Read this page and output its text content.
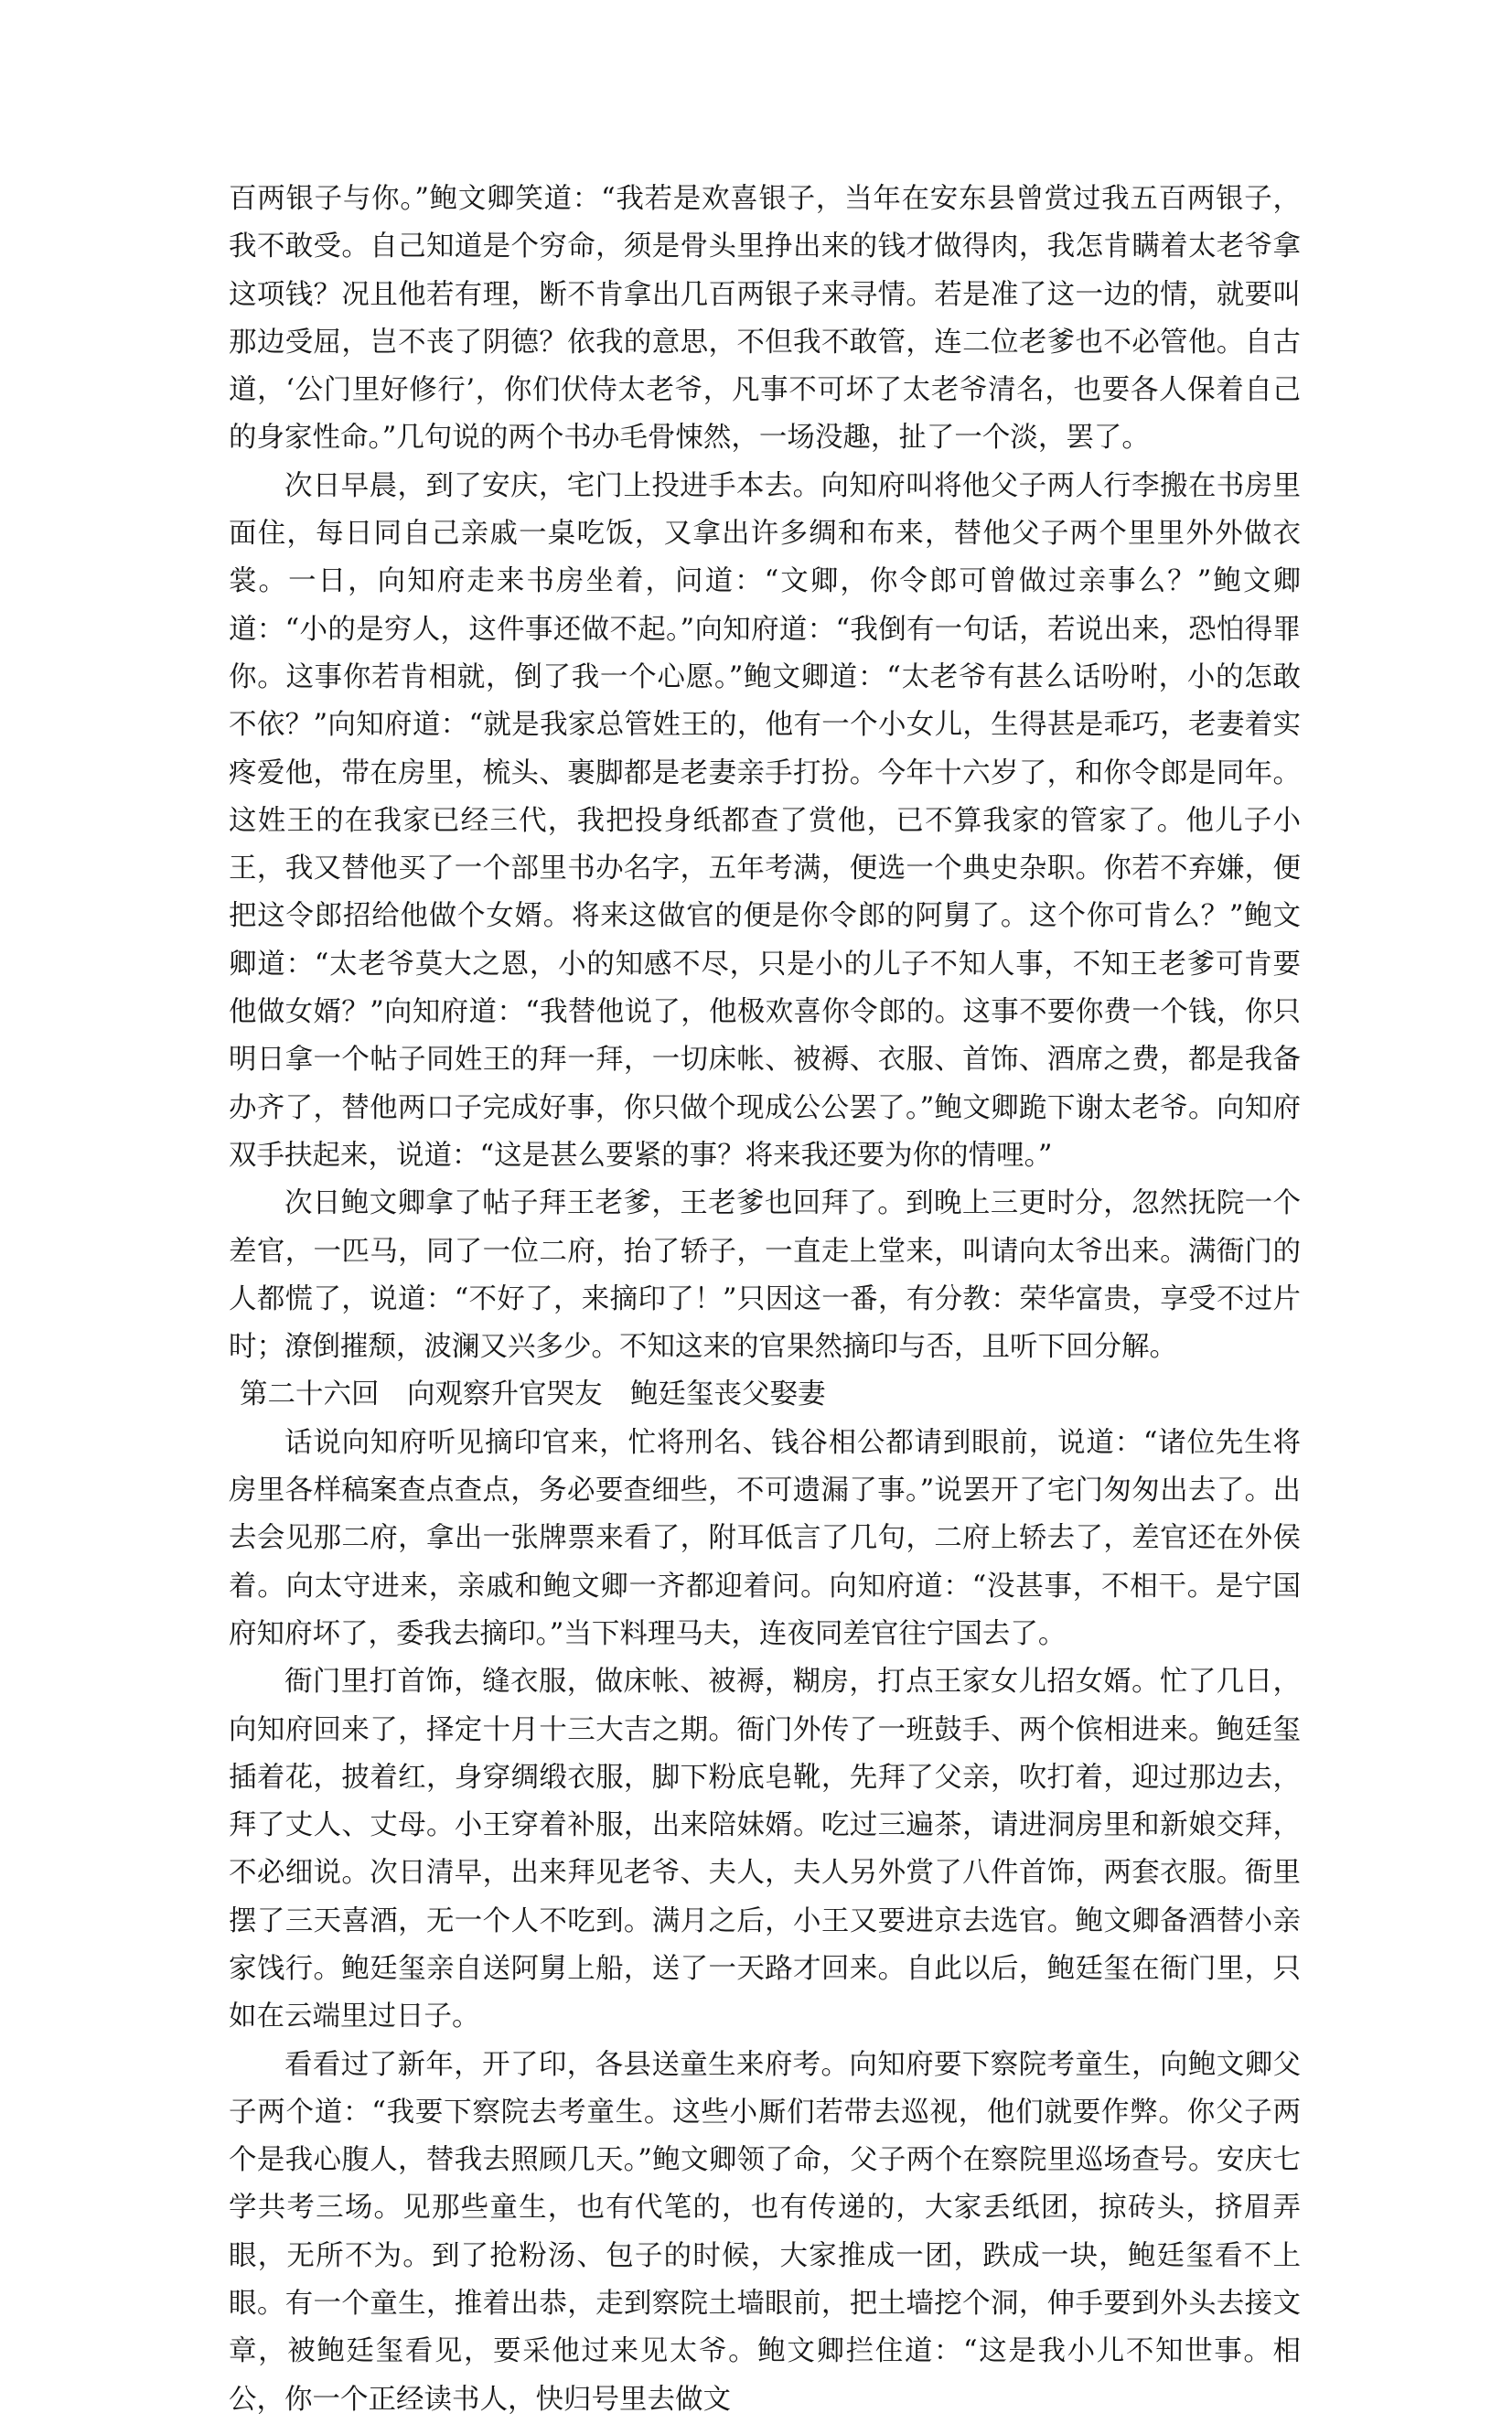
百两银子与你。”鲍文卿笑道：“我若是欢喜银子，当年在安东县曾赏过我五百两银子，我不敢受。自己知道是个穷命，须是骨头里挣出来的钱才做得肉，我怎肯瞒着太老爷拿这项钱？况且他若有理，断不肯拿出几百两银子来寻情。若是准了这一边的情，就要叫那边受屈，岂不丧了阴德？依我的意思，不但我不敢管，连二位老爹也不必管他。自古道，‘公门里好修行’，你们伏侍太老爷，凡事不可坏了太老爷清名，也要各人保着自己的身家性命。”几句说的两个书办毛骨悚然，一场没趣，扯了一个淡，罢了。

次日早晨，到了安庆，宅门上投进手本去。向知府叫将他父子两人行李搬在书房里面住，每日同自己亲戚一桌吃饭，又拿出许多绸和布来，替他父子两个里里外外做衣裳。一日，向知府走来书房坐着，问道：“文卿，你令郎可曾做过亲事么？”鲍文卿道：“小的是穷人，这件事还做不起。”向知府道：“我倒有一句话，若说出来，恐怕得罪你。这事你若肯相就，倒了我一个心愿。”鲍文卿道：“太老爷有甚么话吩咐，小的怎敢不依？”向知府道：“就是我家总管姓王的，他有一个小女儿，生得甚是乖巧，老妻着实疼爱他，带在房里，梳头、裹脚都是老妻亲手打扮。今年十六岁了，和你令郎是同年。这姓王的在我家已经三代，我把投身纸都查了赏他，已不算我家的管家了。他儿子小王，我又替他买了一个部里书办名字，五年考满，便选一个典史杂职。你若不弃嫌，便把这令郎招给他做个女婿。将来这做官的便是你令郎的阿舅了。这个你可肯么？”鲍文卿道：“太老爷莫大之恩，小的知感不尽，只是小的儿子不知人事，不知王老爹可肯要他做女婿？”向知府道：“我替他说了，他极欢喜你令郎的。这事不要你费一个钱，你只明日拿一个帖子同姓王的拜一拜，一切床帐、被褥、衣服、首饰、酒席之费，都是我备办齐了，替他两口子完成好事，你只做个现成公公罢了。”鲍文卿跪下谢太老爷。向知府双手扶起来，说道：“这是甚么要紧的事？将来我还要为你的情哩。”

次日鲍文卿拿了帖子拜王老爹，王老爹也回拜了。到晚上三更时分，忽然抚院一个差官，一匹马，同了一位二府，抬了轿子，一直走上堂来，叫请向太爷出来。满衙门的人都慌了，说道：“不好了，来摘印了！”只因这一番，有分教：荣华富贵，享受不过片时；潦倒摧颓，波澜又兴多少。不知这来的官果然摘印与否，且听下回分解。

第二十六回　向观察升官哭友　鲍廷玺丧父娶妻

话说向知府听见摘印官来，忙将刑名、钱谷相公都请到眼前，说道：“诸位先生将房里各样稿案查点查点，务必要查细些，不可遗漏了事。”说罢开了宅门匆匆出去了。出去会见那二府，拿出一张牌票来看了，附耳低言了几句，二府上轿去了，差官还在外侯着。向太守进来，亲戚和鲍文卿一齐都迎着问。向知府道：“没甚事，不相干。是宁国府知府坏了，委我去摘印。”当下料理马夫，连夜同差官往宁国去了。

衙门里打首饰，缝衣服，做床帐、被褥，糊房，打点王家女儿招女婿。忙了几日，向知府回来了，择定十月十三大吉之期。衙门外传了一班鼓手、两个傧相进来。鲍廷玺插着花，披着红，身穿绸缎衣服，脚下粉底皂靴，先拜了父亲，吹打着，迎过那边去，拜了丈人、丈母。小王穿着补服，出来陪妹婿。吃过三遍茶，请进洞房里和新娘交拜，不必细说。次日清早，出来拜见老爷、夫人，夫人另外赏了八件首饰，两套衣服。衙里摆了三天喜酒，无一个人不吃到。满月之后，小王又要进京去选官。鲍文卿备酒替小亲家饯行。鲍廷玺亲自送阿舅上船，送了一天路才回来。自此以后，鲍廷玺在衙门里，只如在云端里过日子。

看看过了新年，开了印，各县送童生来府考。向知府要下察院考童生，向鲍文卿父子两个道：“我要下察院去考童生。这些小厮们若带去巡视，他们就要作弊。你父子两个是我心腹人，替我去照顾几天。”鲍文卿领了命，父子两个在察院里巡场查号。安庆七学共考三场。见那些童生，也有代笔的，也有传递的，大家丢纸团，掠砖头，挤眉弄眼，无所不为。到了抢粉汤、包子的时候，大家推成一团，跌成一块，鲍廷玺看不上眼。有一个童生，推着出恭，走到察院土墙眼前，把土墙挖个洞，伸手要到外头去接文章，被鲍廷玺看见，要采他过来见太爷。鲍文卿拦住道：“这是我小儿不知世事。相公，你一个正经读书人，快归号里去做文
